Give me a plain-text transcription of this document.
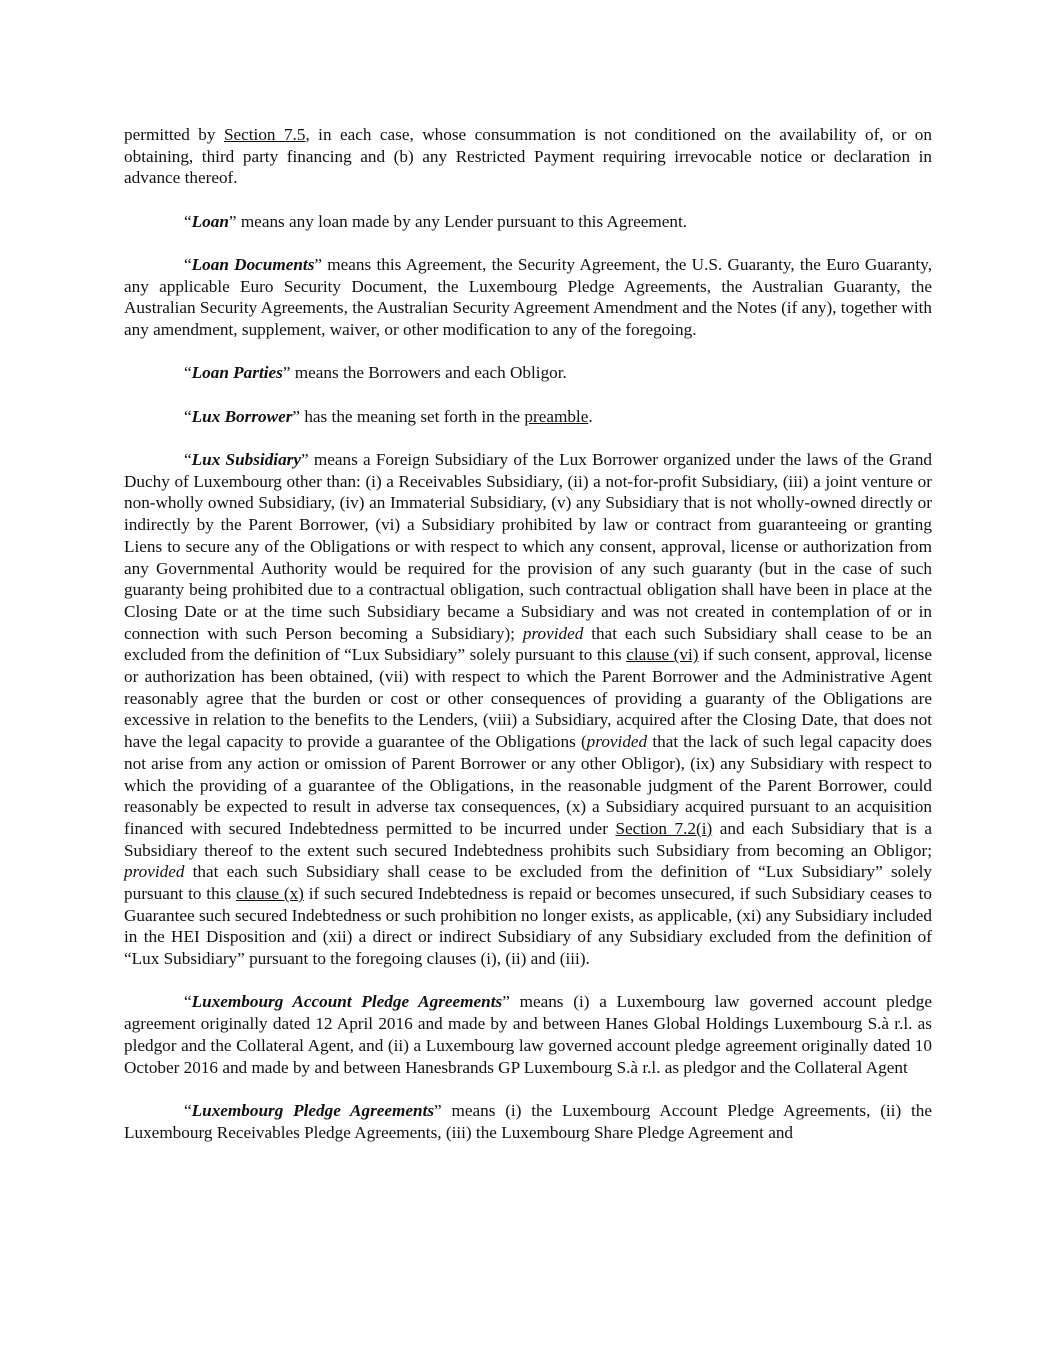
permitted by Section 7.5, in each case, whose consummation is not conditioned on the availability of, or on obtaining, third party financing and (b) any Restricted Payment requiring irrevocable notice or declaration in advance thereof.

“Loan” means any loan made by any Lender pursuant to this Agreement.

“Loan Documents” means this Agreement, the Security Agreement, the U.S. Guaranty, the Euro Guaranty, any applicable Euro Security Document, the Luxembourg Pledge Agreements, the Australian Guaranty, the Australian Security Agreements, the Australian Security Agreement Amendment and the Notes (if any), together with any amendment, supplement, waiver, or other modification to any of the foregoing.

“Loan Parties” means the Borrowers and each Obligor.

“Lux Borrower” has the meaning set forth in the preamble.

“Lux Subsidiary” means a Foreign Subsidiary of the Lux Borrower organized under the laws of the Grand Duchy of Luxembourg other than: (i) a Receivables Subsidiary, (ii) a not-for-profit Subsidiary, (iii) a joint venture or non-wholly owned Subsidiary, (iv) an Immaterial Subsidiary, (v) any Subsidiary that is not wholly-owned directly or indirectly by the Parent Borrower, (vi) a Subsidiary prohibited by law or contract from guaranteeing or granting Liens to secure any of the Obligations or with respect to which any consent, approval, license or authorization from any Governmental Authority would be required for the provision of any such guaranty (but in the case of such guaranty being prohibited due to a contractual obligation, such contractual obligation shall have been in place at the Closing Date or at the time such Subsidiary became a Subsidiary and was not created in contemplation of or in connection with such Person becoming a Subsidiary); provided that each such Subsidiary shall cease to be an excluded from the definition of “Lux Subsidiary” solely pursuant to this clause (vi) if such consent, approval, license or authorization has been obtained, (vii) with respect to which the Parent Borrower and the Administrative Agent reasonably agree that the burden or cost or other consequences of providing a guaranty of the Obligations are excessive in relation to the benefits to the Lenders, (viii) a Subsidiary, acquired after the Closing Date, that does not have the legal capacity to provide a guarantee of the Obligations (provided that the lack of such legal capacity does not arise from any action or omission of Parent Borrower or any other Obligor), (ix) any Subsidiary with respect to which the providing of a guarantee of the Obligations, in the reasonable judgment of the Parent Borrower, could reasonably be expected to result in adverse tax consequences, (x) a Subsidiary acquired pursuant to an acquisition financed with secured Indebtedness permitted to be incurred under Section 7.2(i) and each Subsidiary that is a Subsidiary thereof to the extent such secured Indebtedness prohibits such Subsidiary from becoming an Obligor; provided that each such Subsidiary shall cease to be excluded from the definition of “Lux Subsidiary” solely pursuant to this clause (x) if such secured Indebtedness is repaid or becomes unsecured, if such Subsidiary ceases to Guarantee such secured Indebtedness or such prohibition no longer exists, as applicable, (xi) any Subsidiary included in the HEI Disposition and (xii) a direct or indirect Subsidiary of any Subsidiary excluded from the definition of “Lux Subsidiary” pursuant to the foregoing clauses (i), (ii) and (iii).

“Luxembourg Account Pledge Agreements” means (i) a Luxembourg law governed account pledge agreement originally dated 12 April 2016 and made by and between Hanes Global Holdings Luxembourg S.à r.l. as pledgor and the Collateral Agent, and (ii) a Luxembourg law governed account pledge agreement originally dated 10 October 2016 and made by and between Hanesbrands GP Luxembourg S.à r.l. as pledgor and the Collateral Agent

“Luxembourg Pledge Agreements” means (i) the Luxembourg Account Pledge Agreements, (ii) the Luxembourg Receivables Pledge Agreements, (iii) the Luxembourg Share Pledge Agreement and
